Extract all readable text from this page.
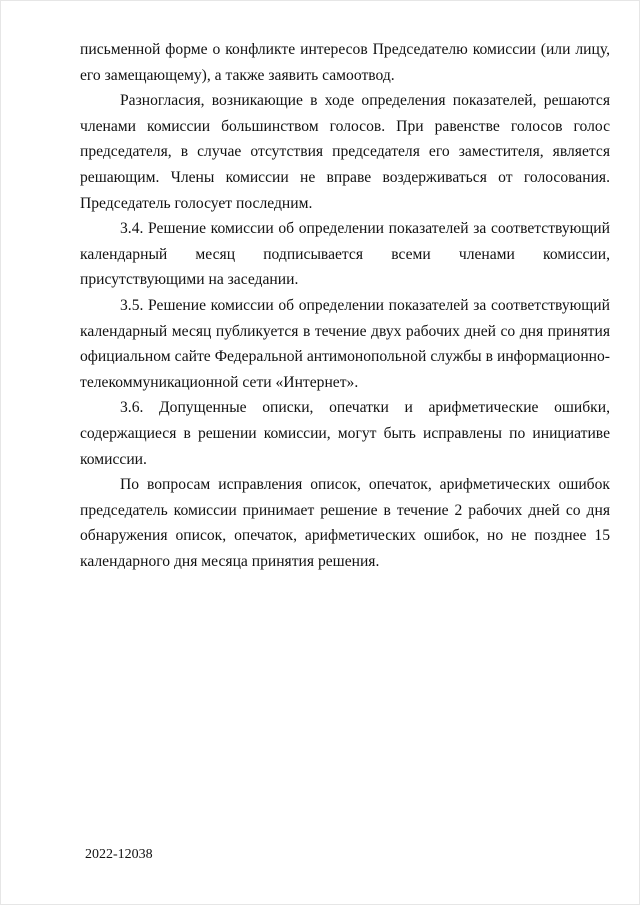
письменной форме о конфликте интересов Председателю комиссии (или лицу, его замещающему), а также заявить самоотвод.

Разногласия, возникающие в ходе определения показателей, решаются членами комиссии большинством голосов. При равенстве голосов голос председателя, в случае отсутствия председателя его заместителя, является решающим. Члены комиссии не вправе воздерживаться от голосования. Председатель голосует последним.

3.4. Решение комиссии об определении показателей за соответствующий календарный месяц подписывается всеми членами комиссии, присутствующими на заседании.

3.5. Решение комиссии об определении показателей за соответствующий календарный месяц публикуется в течение двух рабочих дней со дня принятия официальном сайте Федеральной антимонопольной службы в информационно-телекоммуникационной сети «Интернет».

3.6. Допущенные описки, опечатки и арифметические ошибки, содержащиеся в решении комиссии, могут быть исправлены по инициативе комиссии.

По вопросам исправления описок, опечаток, арифметических ошибок председатель комиссии принимает решение в течение 2 рабочих дней со дня обнаружения описок, опечаток, арифметических ошибок, но не позднее 15 календарного дня месяца принятия решения.

2022-12038
